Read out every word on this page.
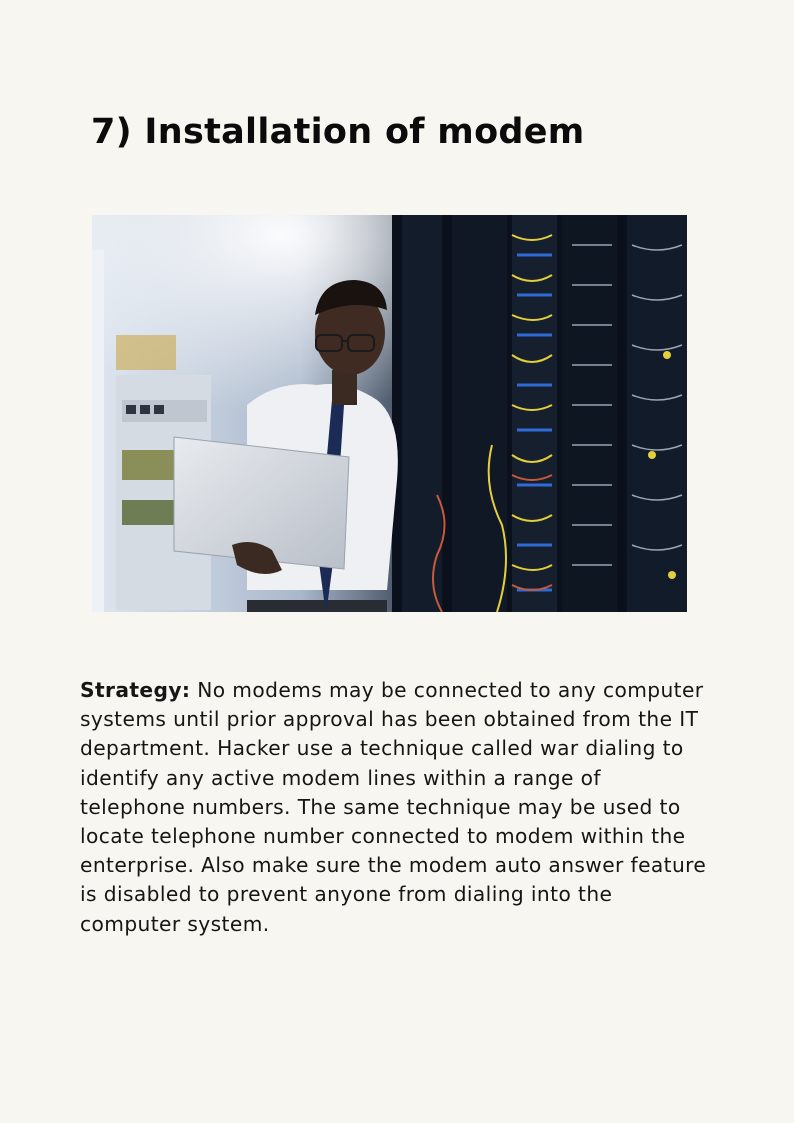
7) Installation of modem

Strategy: No modems may be connected to any computer systems until prior approval has been obtained from the IT department. Hacker use a technique called war dialing to identify any active modem lines within a range of telephone numbers. The same technique may be used to locate telephone number connected to modem within the enterprise. Also make sure the modem auto answer feature is disabled to prevent anyone from dialing into the computer system.
